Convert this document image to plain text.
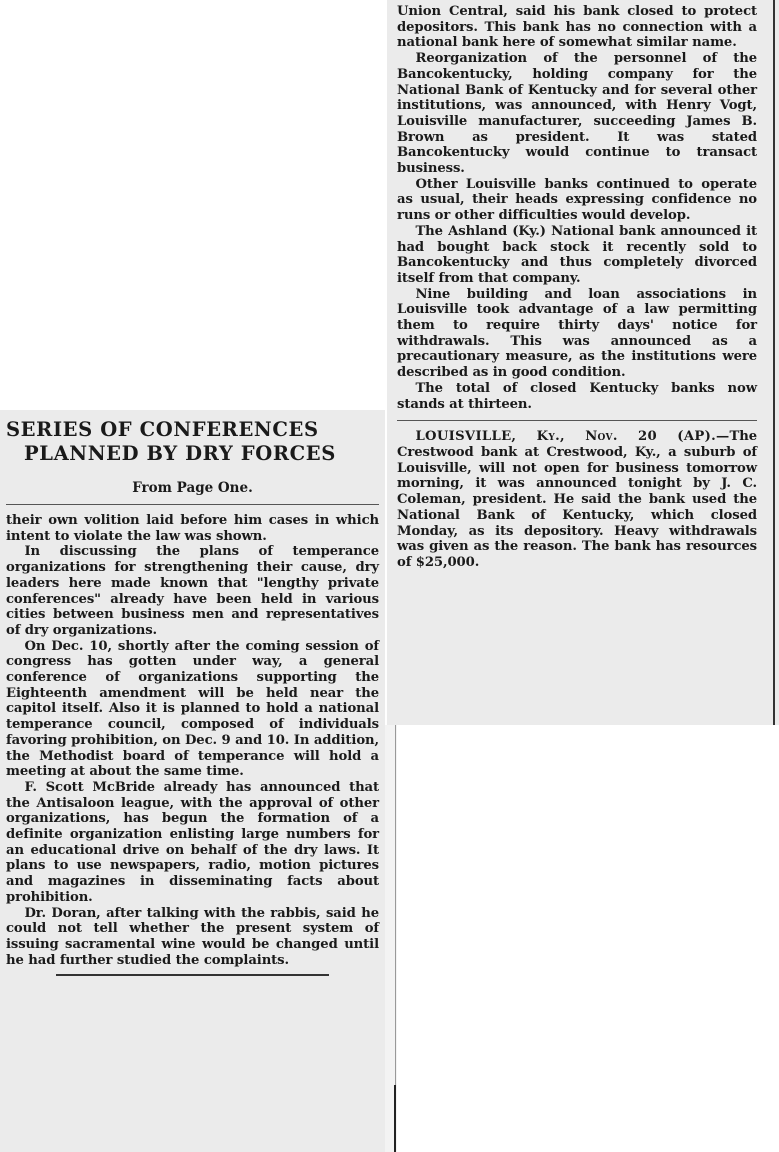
Union Central, said his bank closed to protect depositors. This bank has no connection with a national bank here of somewhat similar name.

Reorganization of the personnel of the Bancokentucky, holding company for the National Bank of Kentucky and for several other institutions, was announced, with Henry Vogt, Louisville manufacturer, succeeding James B. Brown as president. It was stated Bancokentucky would continue to transact business.

Other Louisville banks continued to operate as usual, their heads expressing confidence no runs or other difficulties would develop.

The Ashland (Ky.) National bank announced it had bought back stock it recently sold to Bancokentucky and thus completely divorced itself from that company.

Nine building and loan associations in Louisville took advantage of a law permitting them to require thirty days' notice for withdrawals. This was announced as a precautionary measure, as the institutions were described as in good condition.

The total of closed Kentucky banks now stands at thirteen.

LOUISVILLE, Ky., Nov. 20 (AP).—The Crestwood bank at Crestwood, Ky., a suburb of Louisville, will not open for business tomorrow morning, it was announced tonight by J. C. Coleman, president. He said the bank used the National Bank of Kentucky, which closed Monday, as its depository. Heavy withdrawals was given as the reason. The bank has resources of $25,000.

SERIES OF CONFERENCES
PLANNED BY DRY FORCES
From Page One.

their own volition laid before him cases in which intent to violate the law was shown.

In discussing the plans of temperance organizations for strengthening their cause, dry leaders here made known that "lengthy private conferences" already have been held in various cities between business men and representatives of dry organizations.

On Dec. 10, shortly after the coming session of congress has gotten under way, a general conference of organizations supporting the Eighteenth amendment will be held near the capitol itself. Also it is planned to hold a national temperance council, composed of individuals favoring prohibition, on Dec. 9 and 10. In addition, the Methodist board of temperance will hold a meeting at about the same time.

F. Scott McBride already has announced that the Antisaloon league, with the approval of other organizations, has begun the formation of a definite organization enlisting large numbers for an educational drive on behalf of the dry laws. It plans to use newspapers, radio, motion pictures and magazines in disseminating facts about prohibition.

Dr. Doran, after talking with the rabbis, said he could not tell whether the present system of issuing sacramental wine would be changed until he had further studied the complaints.
